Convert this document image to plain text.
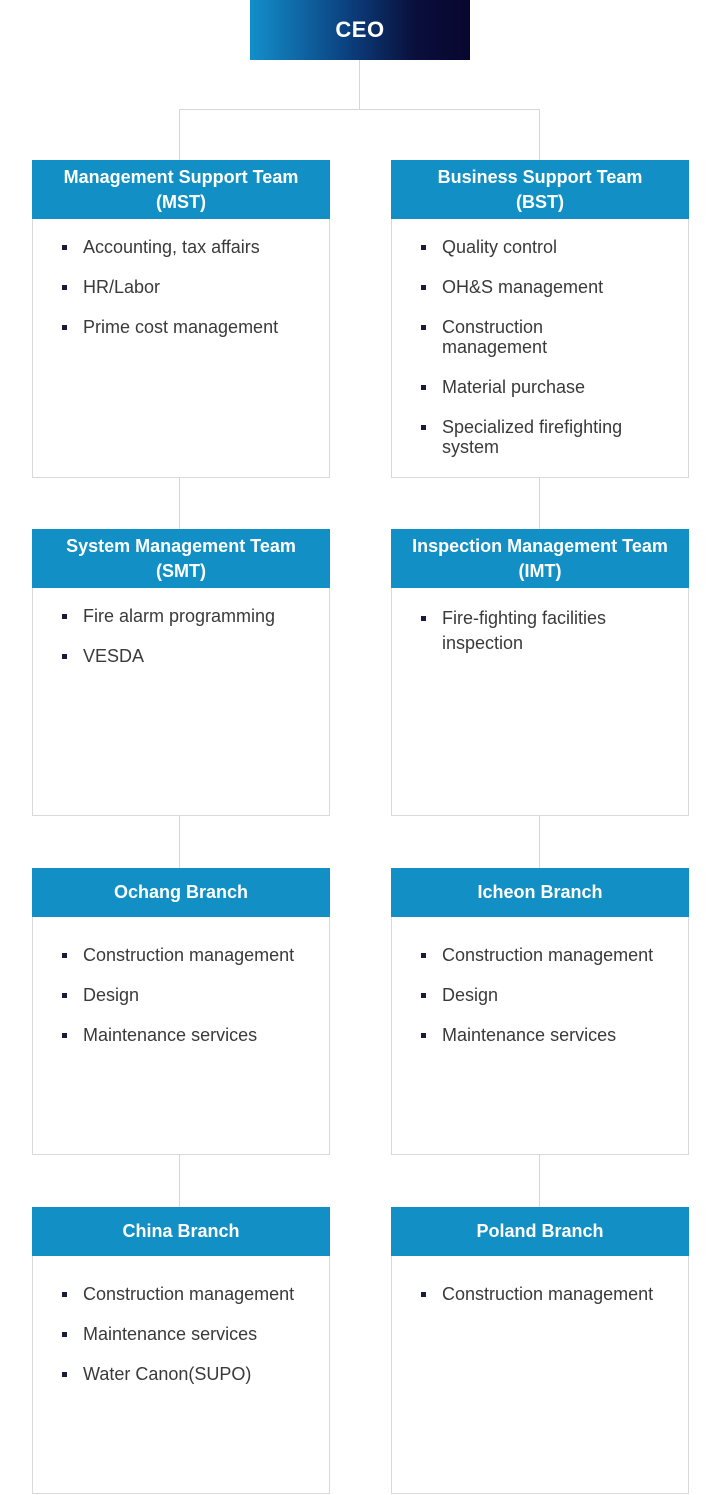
CEO
Management Support Team
(MST)
Accounting, tax affairs
HR/Labor
Prime cost management
Business Support Team
(BST)
Quality control
OH&S management
Construction management
Material purchase
Specialized firefighting system
System Management Team
(SMT)
Fire alarm programming
VESDA
Inspection Management Team
(IMT)
Fire-fighting facilities inspection
Ochang Branch
Construction management
Design
Maintenance services
Icheon Branch
Construction management
Design
Maintenance services
China Branch
Construction management
Maintenance services
Water Canon(SUPO)
Poland Branch
Construction management
